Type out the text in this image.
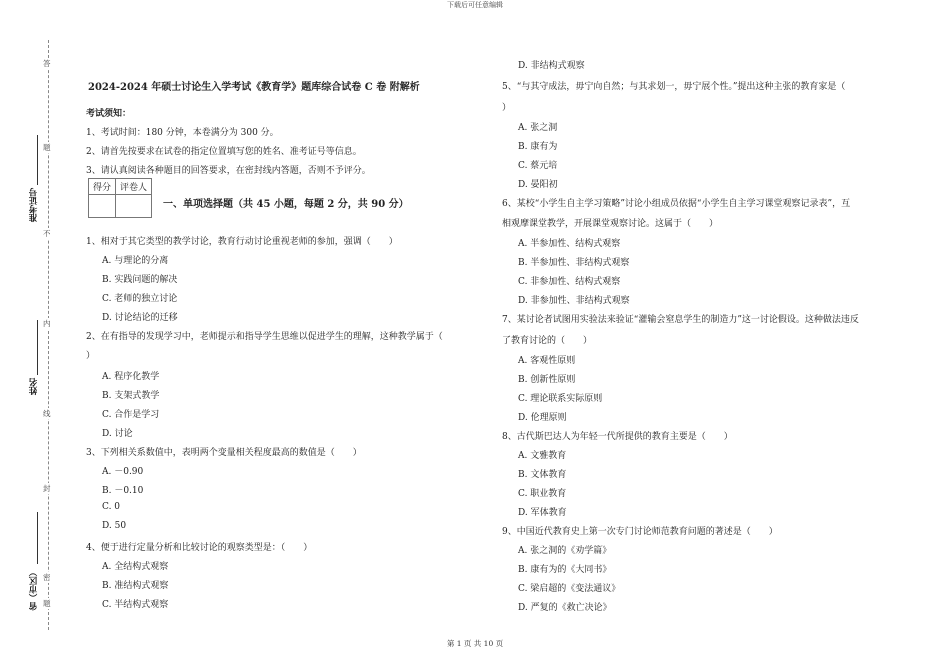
下载后可任意编辑
答
题
不
内
线
封
密
题
准考证号
姓名
省（市区）
2024-2024 年硕士讨论生入学考试《教育学》题库综合试卷 C 卷 附解析
考试须知：
1、考试时间：180 分钟，本卷满分为 300 分。
2、请首先按要求在试卷的指定位置填写您的姓名、准考证号等信息。
3、请认真阅读各种题目的回答要求，在密封线内答题，否则不予评分。
1、相对于其它类型的教学讨论，教育行动讨论重视老师的参加，强调（　　）
A. 与理论的分离
B. 实践问题的解决
C. 老师的独立讨论
D. 讨论结论的迁移
2、在有指导的发现学习中，老师提示和指导学生思维以促进学生的理解，这种教学属于（
）
A. 程序化教学
B. 支架式教学
C. 合作是学习
D. 讨论
3、下列相关系数值中，表明两个变量相关程度最高的数值是（　　）
A. －0.90
B. －0.10
C. 0
D. 50
4、便于进行定量分析和比较讨论的观察类型是：（　　）
A. 全结构式观察
B. 准结构式观察
C. 半结构式观察
得分	评卷人

一、单项选择题（共 45 小题，每题 2 分，共 90 分）
D. 非结构式观察
5、“与其守成法，毋宁向自然；与其求划一，毋宁展个性。”提出这种主张的教育家是（
）
A. 张之洞
B. 康有为
C. 蔡元培
D. 晏阳初
6、某校“小学生自主学习策略”讨论小组成员依据“小学生自主学习课堂观察记录表”，互
相观摩课堂教学，开展课堂观察讨论。这属于（　　）
A. 半参加性、结构式观察
B. 半参加性、非结构式观察
C. 非参加性、结构式观察
D. 非参加性、非结构式观察
7、某讨论者试图用实验法来验证“灌输会窒息学生的制造力”这一讨论假设。这种做法违反
了教育讨论的（　　）
A. 客观性原则
B. 创新性原则
C. 理论联系实际原则
D. 伦理原则
8、古代斯巴达人为年轻一代所提供的教育主要是（　　）
A. 文雅教育
B. 文体教育
C. 职业教育
D. 军体教育
9、中国近代教育史上第一次专门讨论师范教育问题的著述是（　　）
A. 张之洞的《劝学篇》
B. 康有为的《大同书》
C. 梁启超的《变法通议》
D. 严复的《救亡决论》
第 1 页 共 10 页
